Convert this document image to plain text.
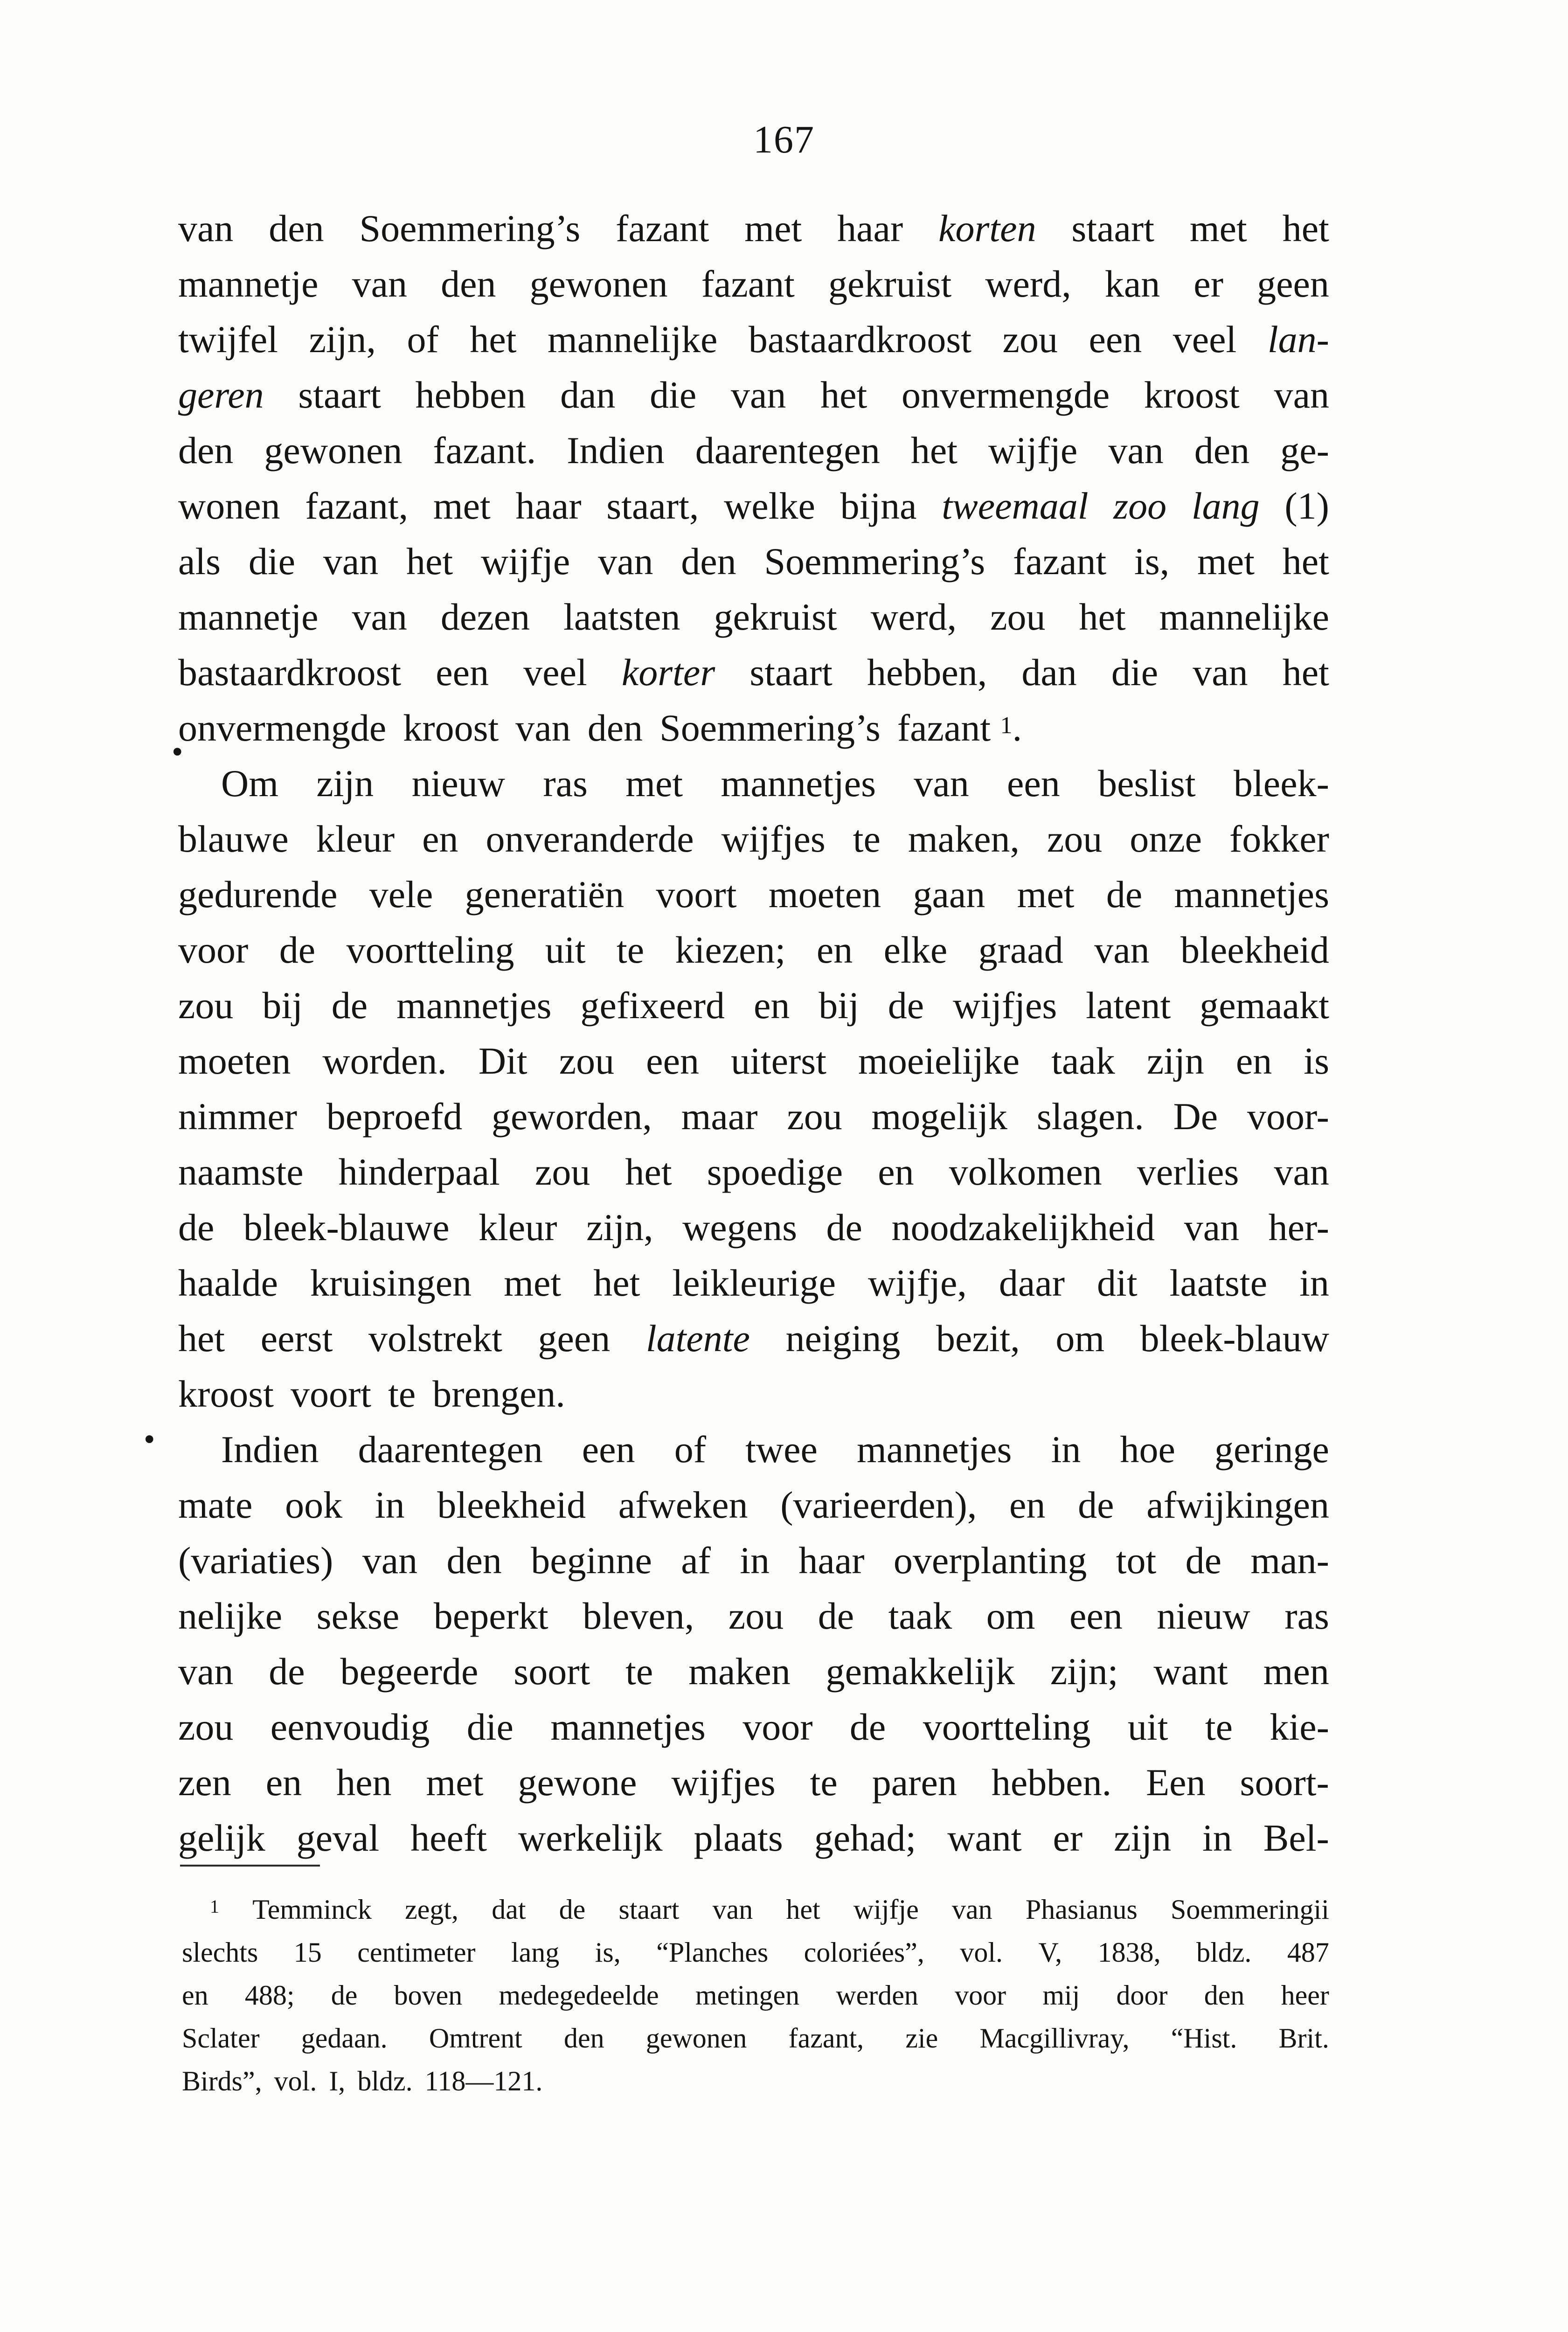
167
•
•
van den Soemmering’s fazant met haar korten staart met het
mannetje van den gewonen fazant gekruist werd, kan er geen
twijfel zijn, of het mannelijke bastaardkroost zou een veel lan-
geren staart hebben dan die van het onvermengde kroost van
den gewonen fazant. Indien daarentegen het wijfje van den ge-
wonen fazant, met haar staart, welke bijna tweemaal zoo lang (1)
als die van het wijfje van den Soemmering’s fazant is, met het
mannetje van dezen laatsten gekruist werd, zou het mannelijke
bastaardkroost een veel korter staart hebben, dan die van het
onvermengde kroost van den Soemmering’s fazant $^1$.
Om zijn nieuw ras met mannetjes van een beslist bleek-
blauwe kleur en onveranderde wijfjes te maken, zou onze fokker
gedurende vele generatiën voort moeten gaan met de mannetjes
voor de voortteling uit te kiezen; en elke graad van bleekheid
zou bij de mannetjes gefixeerd en bij de wijfjes latent gemaakt
moeten worden. Dit zou een uiterst moeielijke taak zijn en is
nimmer beproefd geworden, maar zou mogelijk slagen. De voor-
naamste hinderpaal zou het spoedige en volkomen verlies van
de bleek-blauwe kleur zijn, wegens de noodzakelijkheid van her-
haalde kruisingen met het leikleurige wijfje, daar dit laatste in
het eerst volstrekt geen latente neiging bezit, om bleek-blauw
kroost voort te brengen.
Indien daarentegen een of twee mannetjes in hoe geringe
mate ook in bleekheid afweken (varieerden), en de afwijkingen
(variaties) van den beginne af in haar overplanting tot de man-
nelijke sekse beperkt bleven, zou de taak om een nieuw ras
van de begeerde soort te maken gemakkelijk zijn; want men
zou eenvoudig die mannetjes voor de voortteling uit te kie-
zen en hen met gewone wijfjes te paren hebben. Een soort-
gelijk geval heeft werkelijk plaats gehad; want er zijn in Bel-
$^1$ Temminck zegt, dat de staart van het wijfje van Phasianus Soemmeringii
slechts 15 centimeter lang is, “Planches coloriées”, vol. V, 1838, bldz. 487
en 488; de boven medegedeelde metingen werden voor mij door den heer
Sclater gedaan. Omtrent den gewonen fazant, zie Macgillivray, “Hist. Brit.
Birds”, vol. I, bldz. 118—121.
